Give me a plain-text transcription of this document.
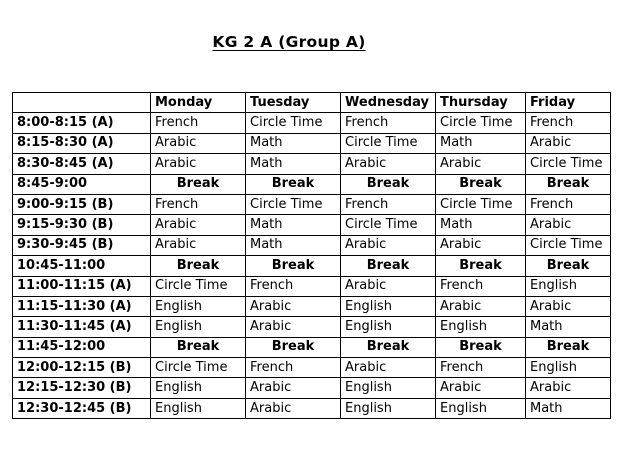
KG 2 A (Group A)
	Monday	Tuesday	Wednesday	Thursday	Friday
8:00-8:15 (A)	French	Circle Time	French	Circle Time	French
8:15-8:30 (A)	Arabic	Math	Circle Time	Math	Arabic
8:30-8:45 (A)	Arabic	Math	Arabic	Arabic	Circle Time
8:45-9:00	Break	Break	Break	Break	Break
9:00-9:15 (B)	French	Circle Time	French	Circle Time	French
9:15-9:30 (B)	Arabic	Math	Circle Time	Math	Arabic
9:30-9:45 (B)	Arabic	Math	Arabic	Arabic	Circle Time
10:45-11:00	Break	Break	Break	Break	Break
11:00-11:15 (A)	Circle Time	French	Arabic	French	English
11:15-11:30 (A)	English	Arabic	English	Arabic	Arabic
11:30-11:45 (A)	English	Arabic	English	English	Math
11:45-12:00	Break	Break	Break	Break	Break
12:00-12:15 (B)	Circle Time	French	Arabic	French	English
12:15-12:30 (B)	English	Arabic	English	Arabic	Arabic
12:30-12:45 (B)	English	Arabic	English	English	Math
